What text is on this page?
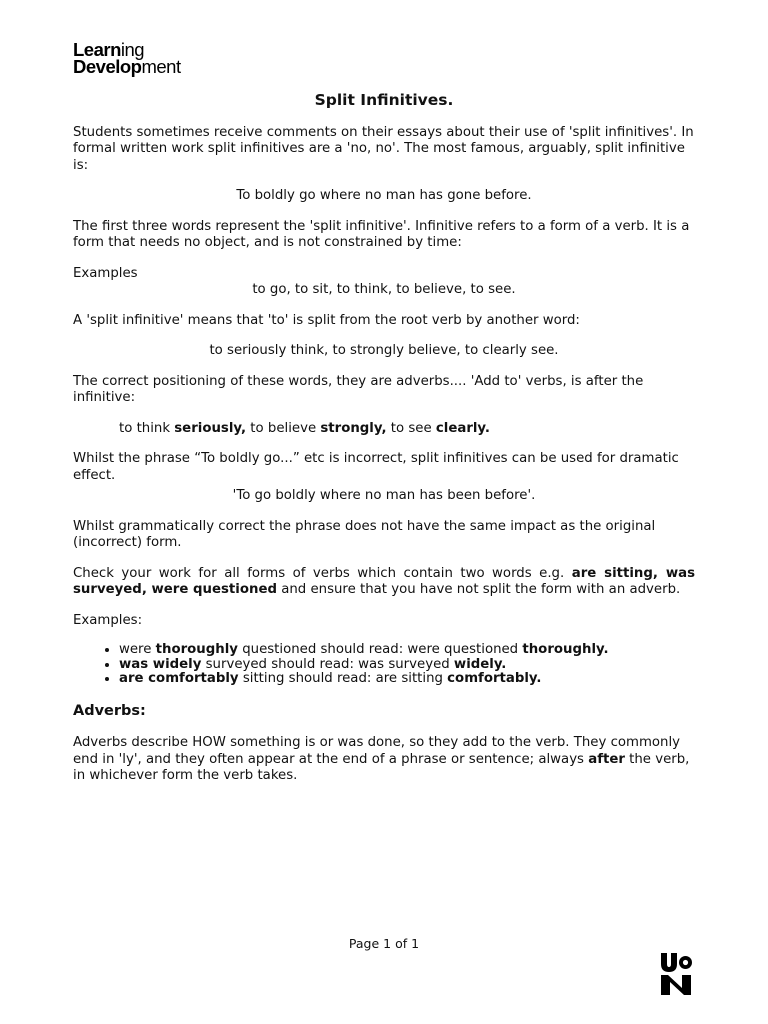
Learning
Development

Split Infinitives.

Students sometimes receive comments on their essays about their use of 'split infinitives'. In formal written work split infinitives are a 'no, no'. The most famous, arguably, split infinitive is:

To boldly go where no man has gone before.

The first three words represent the 'split infinitive'. Infinitive refers to a form of a verb. It is a form that needs no object, and is not constrained by time:

Examples

to go, to sit, to think, to believe, to see.

A 'split infinitive' means that 'to' is split from the root verb by another word:

to seriously think, to strongly believe, to clearly see.

The correct positioning of these words, they are adverbs.... 'Add to' verbs, is after the infinitive:

to think seriously, to believe strongly, to see clearly.

Whilst the phrase “To boldly go...” etc is incorrect, split infinitives can be used for dramatic effect.

'To go boldly where no man has been before'.

Whilst grammatically correct the phrase does not have the same impact as the original (incorrect) form.

Check your work for all forms of verbs which contain two words e.g. are sitting, was surveyed, were questioned and ensure that you have not split the form with an adverb.

Examples:

• were thoroughly questioned should read: were questioned thoroughly.
• was widely surveyed should read: was surveyed widely.
• are comfortably sitting should read: are sitting comfortably.

Adverbs:

Adverbs describe HOW something is or was done, so they add to the verb. They commonly end in 'ly', and they often appear at the end of a phrase or sentence; always after the verb, in whichever form the verb takes.

Page 1 of 1
